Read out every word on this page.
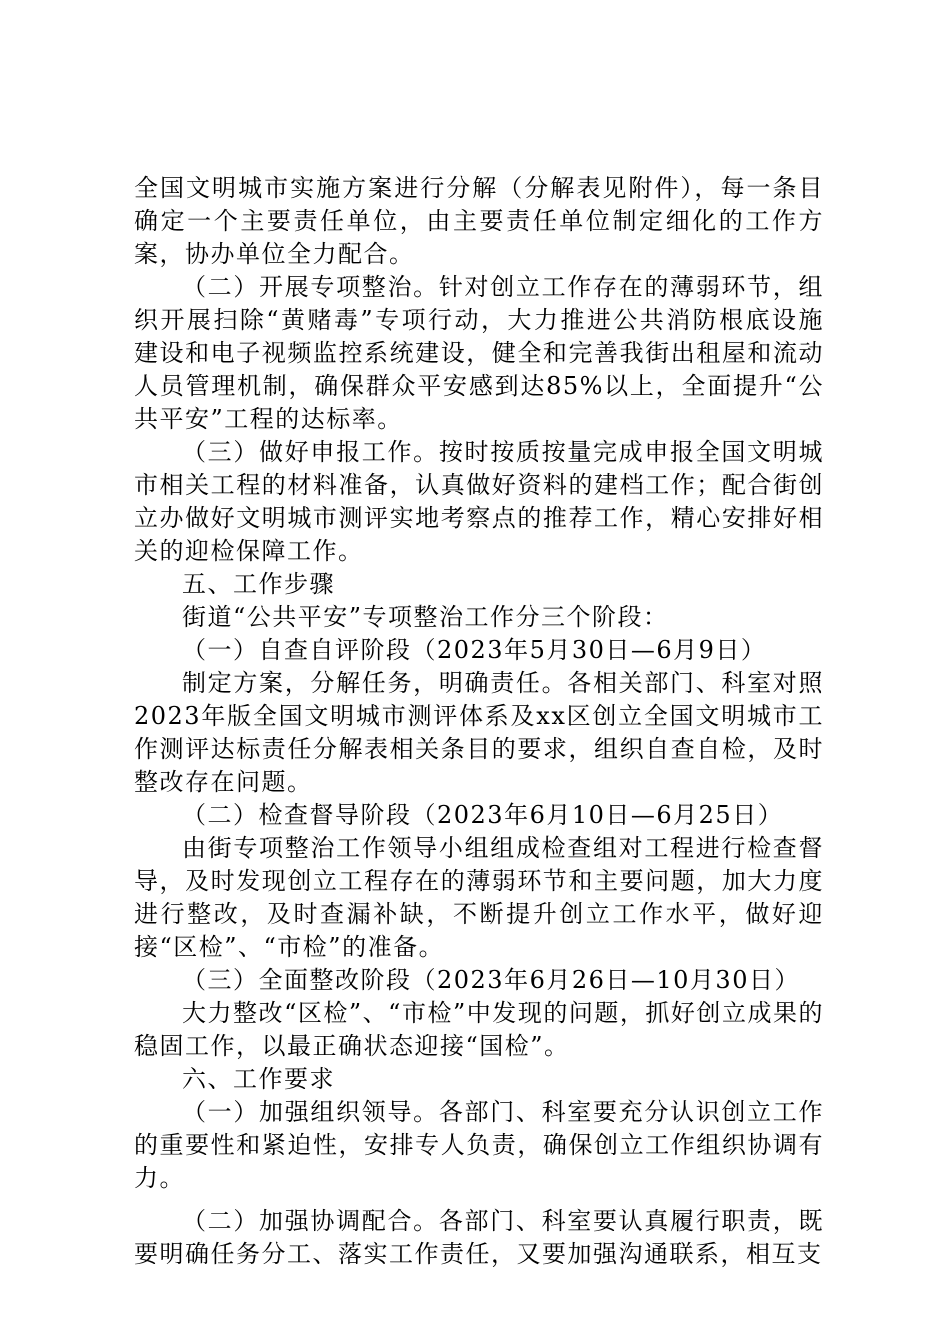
全国文明城市实施方案进行分解（分解表见附件），每一条目确定一个主要责任单位，由主要责任单位制定细化的工作方案，协办单位全力配合。

（二）开展专项整治。针对创立工作存在的薄弱环节，组织开展扫除“黄赌毒”专项行动，大力推进公共消防根底设施建设和电子视频监控系统建设，健全和完善我街出租屋和流动人员管理机制，确保群众平安感到达85%以上，全面提升“公共平安”工程的达标率。

（三）做好申报工作。按时按质按量完成申报全国文明城市相关工程的材料准备，认真做好资料的建档工作；配合街创立办做好文明城市测评实地考察点的推荐工作，精心安排好相关的迎检保障工作。

五、工作步骤

街道“公共平安”专项整治工作分三个阶段：

（一）自查自评阶段（2023年5月30日—6月9日）

制定方案，分解任务，明确责任。各相关部门、科室对照2023年版全国文明城市测评体系及xx区创立全国文明城市工作测评达标责任分解表相关条目的要求，组织自查自检，及时整改存在问题。

（二）检查督导阶段（2023年6月10日—6月25日）

由街专项整治工作领导小组组成检查组对工程进行检查督导，及时发现创立工程存在的薄弱环节和主要问题，加大力度进行整改，及时查漏补缺，不断提升创立工作水平，做好迎接“区检”、“市检”的准备。

（三）全面整改阶段（2023年6月26日—10月30日）

大力整改“区检”、“市检”中发现的问题，抓好创立成果的稳固工作，以最正确状态迎接“国检”。

六、工作要求

（一）加强组织领导。各部门、科室要充分认识创立工作的重要性和紧迫性，安排专人负责，确保创立工作组织协调有力。

（二）加强协调配合。各部门、科室要认真履行职责，既要明确任务分工、落实工作责任，又要加强沟通联系，相互支
